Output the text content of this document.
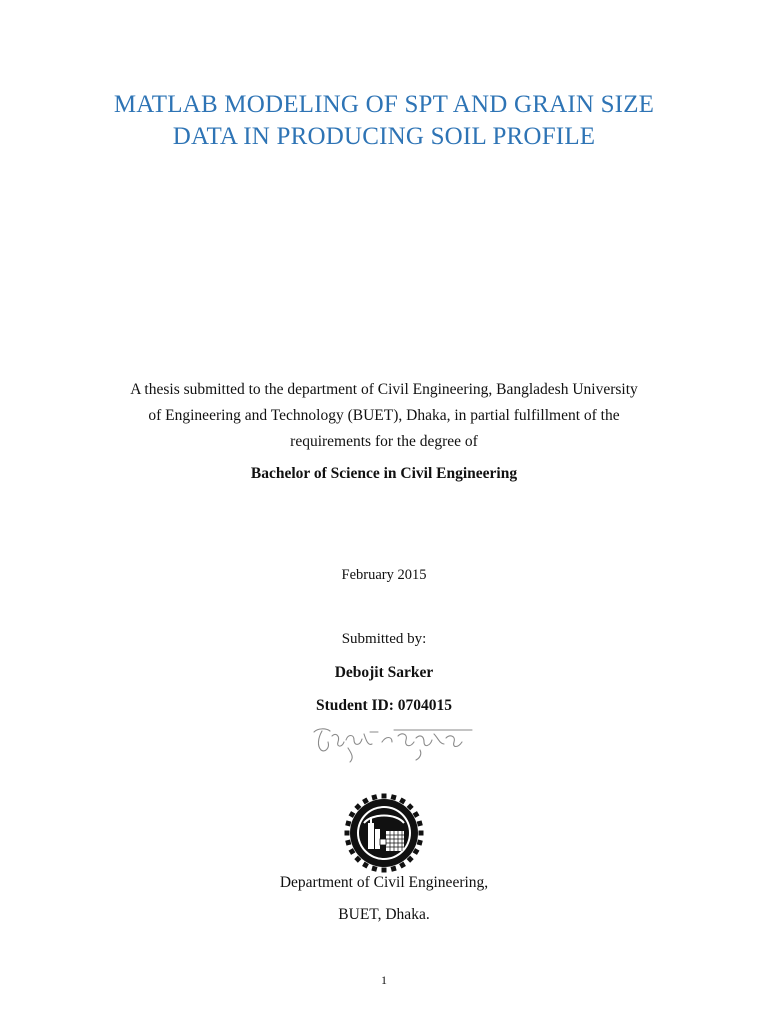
MATLAB MODELING OF SPT AND GRAIN SIZE
DATA IN PRODUCING SOIL PROFILE
A thesis submitted to the department of Civil Engineering, Bangladesh University
of Engineering and Technology (BUET), Dhaka, in partial fulfillment of the
requirements for the degree of
Bachelor of Science in Civil Engineering
February 2015
Submitted by:
Debojit Sarker
Student ID: 0704015
Department of Civil Engineering,
BUET, Dhaka.
1
